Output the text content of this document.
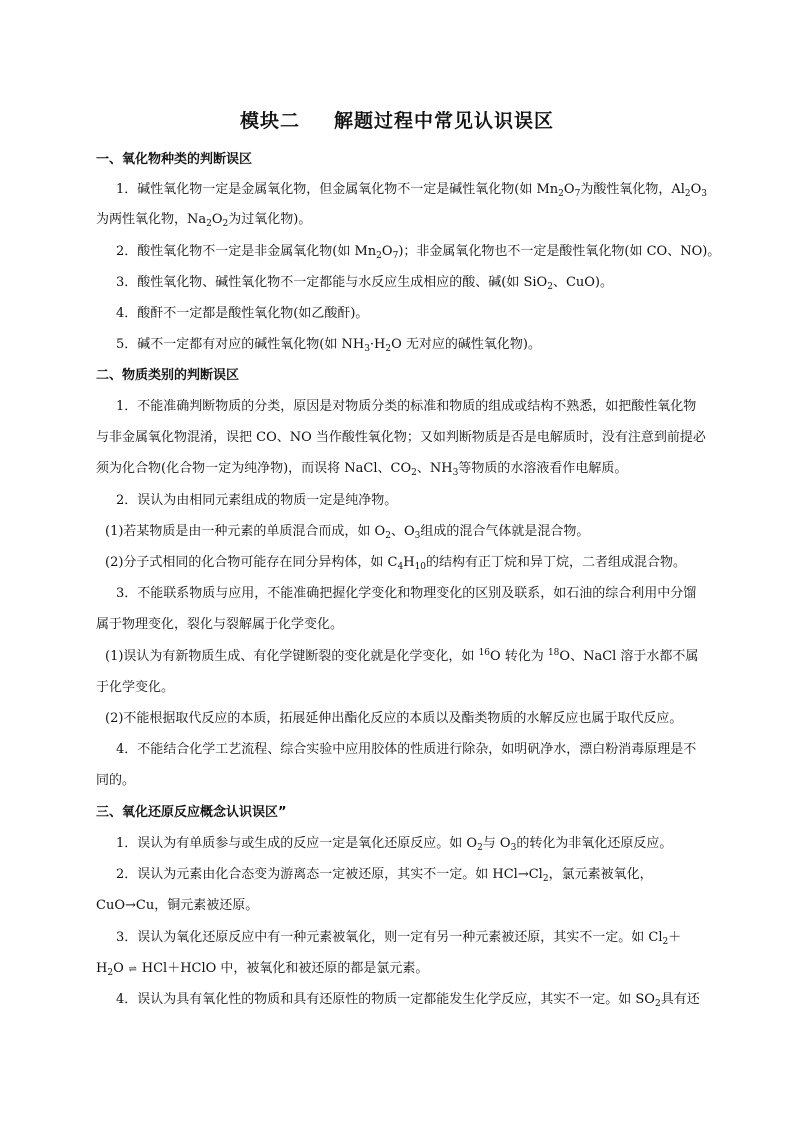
模块二 解题过程中常见认识误区
一、氧化物种类的判断误区
1．碱性氧化物一定是金属氧化物，但金属氧化物不一定是碱性氧化物(如 $Mn_2O_7$为酸性氧化物，$Al_2O_3$
为两性氧化物，$Na_2O_2$为过氧化物)。
2．酸性氧化物不一定是非金属氧化物(如 $Mn_2O_7$)；非金属氧化物也不一定是酸性氧化物(如 CO、NO)。
3．酸性氧化物、碱性氧化物不一定都能与水反应生成相应的酸、碱(如 SiO$_2$、CuO)。
4．酸酐不一定都是酸性氧化物(如乙酸酐)。
5．碱不一定都有对应的碱性氧化物(如 $NH_3\cdot H_2O$ 无对应的碱性氧化物)。
二、物质类别的判断误区
1．不能准确判断物质的分类，原因是对物质分类的标准和物质的组成或结构不熟悉，如把酸性氧化物
与非金属氧化物混淆，误把 CO、NO 当作酸性氧化物；又如判断物质是否是电解质时，没有注意到前提必
须为化合物(化合物一定为纯净物)，而误将 NaCl、$CO_2$、$NH_3$等物质的水溶液看作电解质。
2．误认为由相同元素组成的物质一定是纯净物。
(1)若某物质是由一种元素的单质混合而成，如 $O_2$、$O_3$组成的混合气体就是混合物。
(2)分子式相同的化合物可能存在同分异构体，如 $C_4H_{10}$的结构有正丁烷和异丁烷，二者组成混合物。
3．不能联系物质与应用，不能准确把握化学变化和物理变化的区别及联系，如石油的综合利用中分馏
属于物理变化，裂化与裂解属于化学变化。
(1)误认为有新物质生成、有化学键断裂的变化就是化学变化，如 $^{16}$O 转化为 $^{18}$O、NaCl 溶于水都不属
于化学变化。
(2)不能根据取代反应的本质，拓展延伸出酯化反应的本质以及酯类物质的水解反应也属于取代反应。
4．不能结合化学工艺流程、综合实验中应用胶体的性质进行除杂，如明矾净水，漂白粉消毒原理是不
同的。
三、氧化还原反应概念认识误区”
1．误认为有单质参与或生成的反应一定是氧化还原反应。如 $O_2$与 $O_3$的转化为非氧化还原反应。
2．误认为元素由化合态变为游离态一定被还原，其实不一定。如 $HCl\to Cl_2$，氯元素被氧化，
CuO→Cu，铜元素被还原。
3．误认为氧化还原反应中有一种元素被氧化，则一定有另一种元素被还原，其实不一定。如 $Cl_2+$
$H_2O$ ⇌ HCl＋HClO 中，被氧化和被还原的都是氯元素。
4．误认为具有氧化性的物质和具有还原性的物质一定都能发生化学反应，其实不一定。如 $SO_2$具有还
